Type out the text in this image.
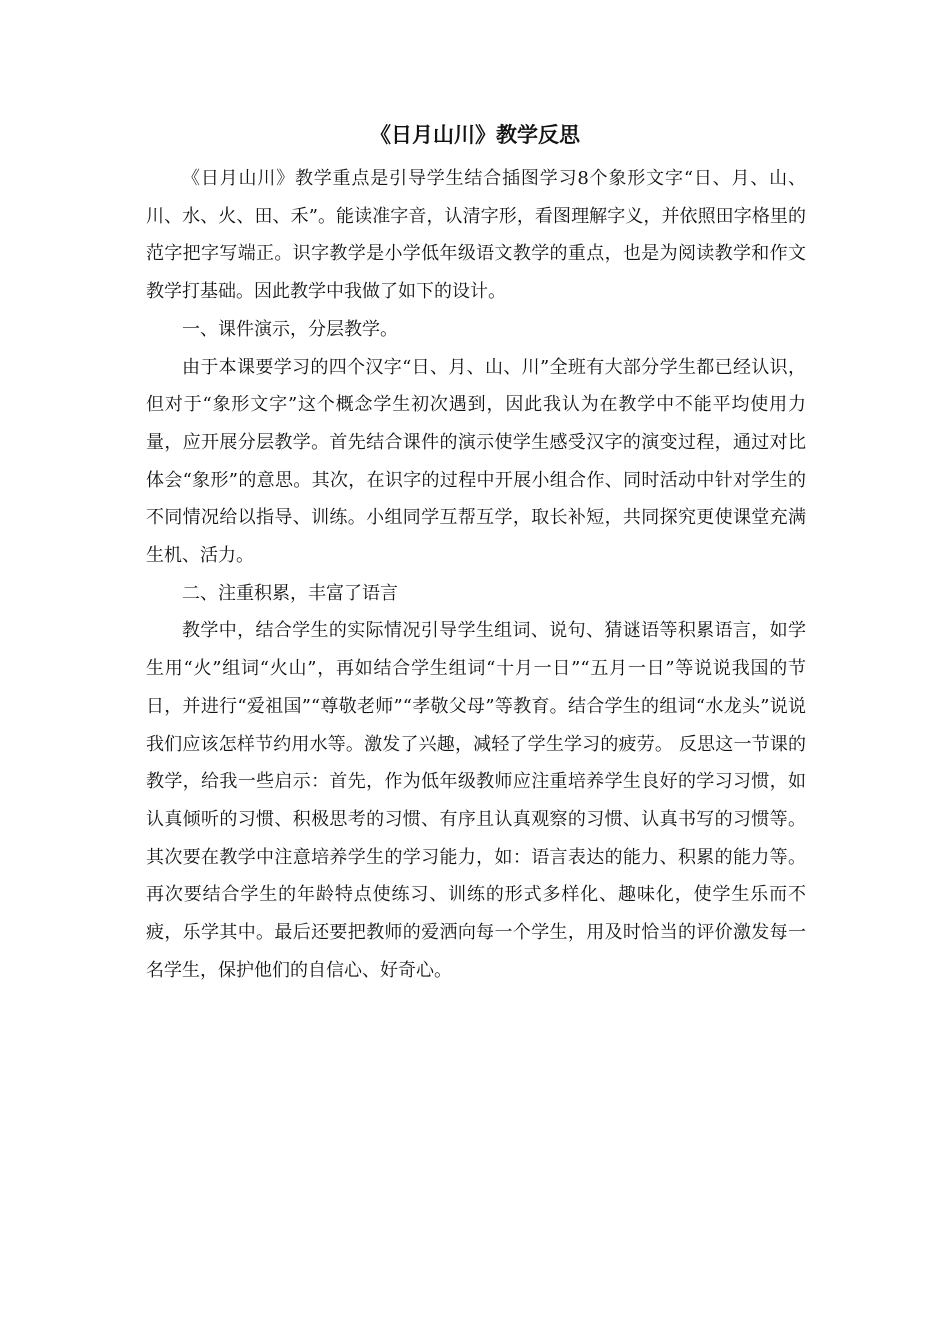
《日月山川》教学反思

《日月山川》教学重点是引导学生结合插图学习8个象形文字“日、月、山、川、水、火、田、禾”。能读准字音，认清字形，看图理解字义，并依照田字格里的范字把字写端正。识字教学是小学低年级语文教学的重点，也是为阅读教学和作文教学打基础。因此教学中我做了如下的设计。

一、课件演示，分层教学。

由于本课要学习的四个汉字“日、月、山、川”全班有大部分学生都已经认识，但对于“象形文字”这个概念学生初次遇到，因此我认为在教学中不能平均使用力量，应开展分层教学。首先结合课件的演示使学生感受汉字的演变过程，通过对比体会“象形”的意思。其次，在识字的过程中开展小组合作、同时活动中针对学生的不同情况给以指导、训练。小组同学互帮互学，取长补短，共同探究更使课堂充满生机、活力。

二、注重积累，丰富了语言

教学中，结合学生的实际情况引导学生组词、说句、猜谜语等积累语言，如学生用“火”组词“火山”，再如结合学生组词“十月一日”“五月一日”等说说我国的节日，并进行“爱祖国”“尊敬老师”“孝敬父母”等教育。结合学生的组词“水龙头”说说我们应该怎样节约用水等。激发了兴趣，减轻了学生学习的疲劳。 反思这一节课的教学，给我一些启示：首先，作为低年级教师应注重培养学生良好的学习习惯，如认真倾听的习惯、积极思考的习惯、有序且认真观察的习惯、认真书写的习惯等。其次要在教学中注意培养学生的学习能力，如：语言表达的能力、积累的能力等。再次要结合学生的年龄特点使练习、训练的形式多样化、趣味化，使学生乐而不疲，乐学其中。最后还要把教师的爱洒向每一个学生，用及时恰当的评价激发每一名学生，保护他们的自信心、好奇心。
